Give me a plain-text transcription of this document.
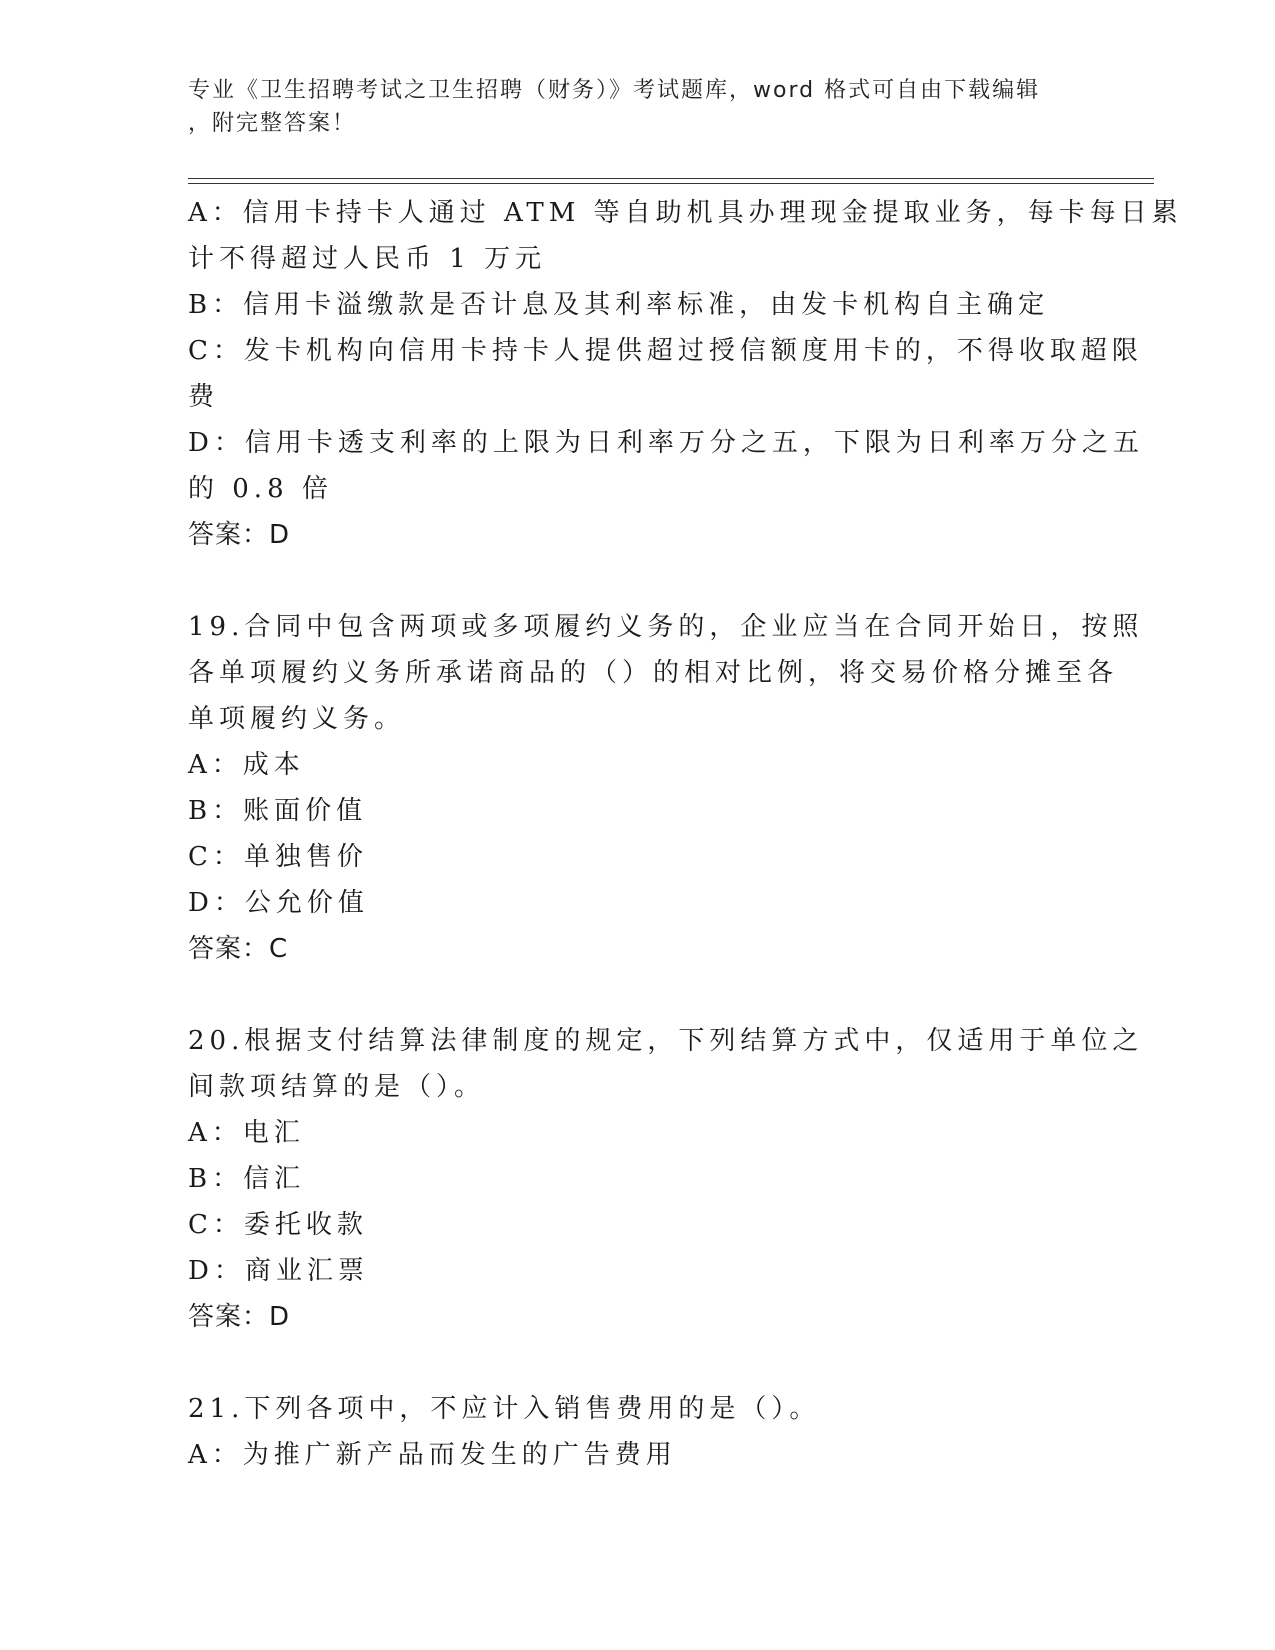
专业《卫生招聘考试之卫生招聘（财务）》考试题库，word 格式可自由下载编辑
，附完整答案！
A：信用卡持卡人通过 ATM 等自助机具办理现金提取业务，每卡每日累
计不得超过人民币 1 万元
B：信用卡溢缴款是否计息及其利率标准，由发卡机构自主确定
C：发卡机构向信用卡持卡人提供超过授信额度用卡的，不得收取超限
费
D：信用卡透支利率的上限为日利率万分之五，下限为日利率万分之五
的 0.8 倍
答案：D
19.合同中包含两项或多项履约义务的，企业应当在合同开始日，按照
各单项履约义务所承诺商品的（）的相对比例，将交易价格分摊至各
单项履约义务。
A：成本
B：账面价值
C：单独售价
D：公允价值
答案：C
20.根据支付结算法律制度的规定，下列结算方式中，仅适用于单位之
间款项结算的是（）。
A：电汇
B：信汇
C：委托收款
D：商业汇票
答案：D
21.下列各项中，不应计入销售费用的是（）。
A：为推广新产品而发生的广告费用
